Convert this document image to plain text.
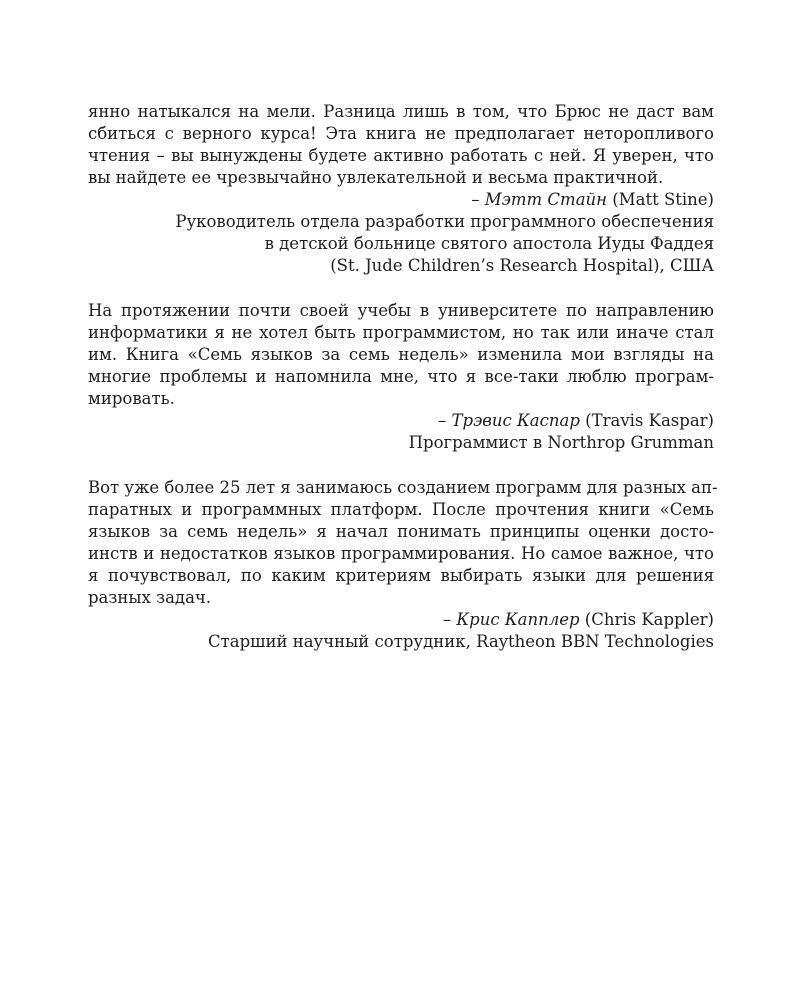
янно натыкался на мели. Разница лишь в том, что Брюс не даст вам
сбиться с верного курса! Эта книга не предполагает неторопливого
чтения – вы вынуждены будете активно работать с ней. Я уверен, что
вы найдете ее чрезвычайно увлекательной и весьма практичной.
– Мэтт Стайн (Matt Stine)
Руководитель отдела разработки программного обеспечения
в детской больнице святого апостола Иуды Фаддея
(St. Jude Children’s Research Hospital), США
На протяжении почти своей учебы в университете по направлению
информатики я не хотел быть программистом, но так или иначе стал
им. Книга «Семь языков за семь недель» изменила мои взгляды на
многие проблемы и напомнила мне, что я все-таки люблю програм-
мировать.
– Трэвис Каспар (Travis Kaspar)
Программист в Northrop Grumman
Вот уже более 25 лет я занимаюсь созданием программ для разных ап-
паратных и программных платформ. После прочтения книги «Семь
языков за семь недель» я начал понимать принципы оценки досто-
инств и недостатков языков программирования. Но самое важное, что
я почувствовал, по каким критериям выбирать языки для решения
разных задач.
– Крис Капплер (Chris Kappler)
Старший научный сотрудник, Raytheon BBN Technologies
